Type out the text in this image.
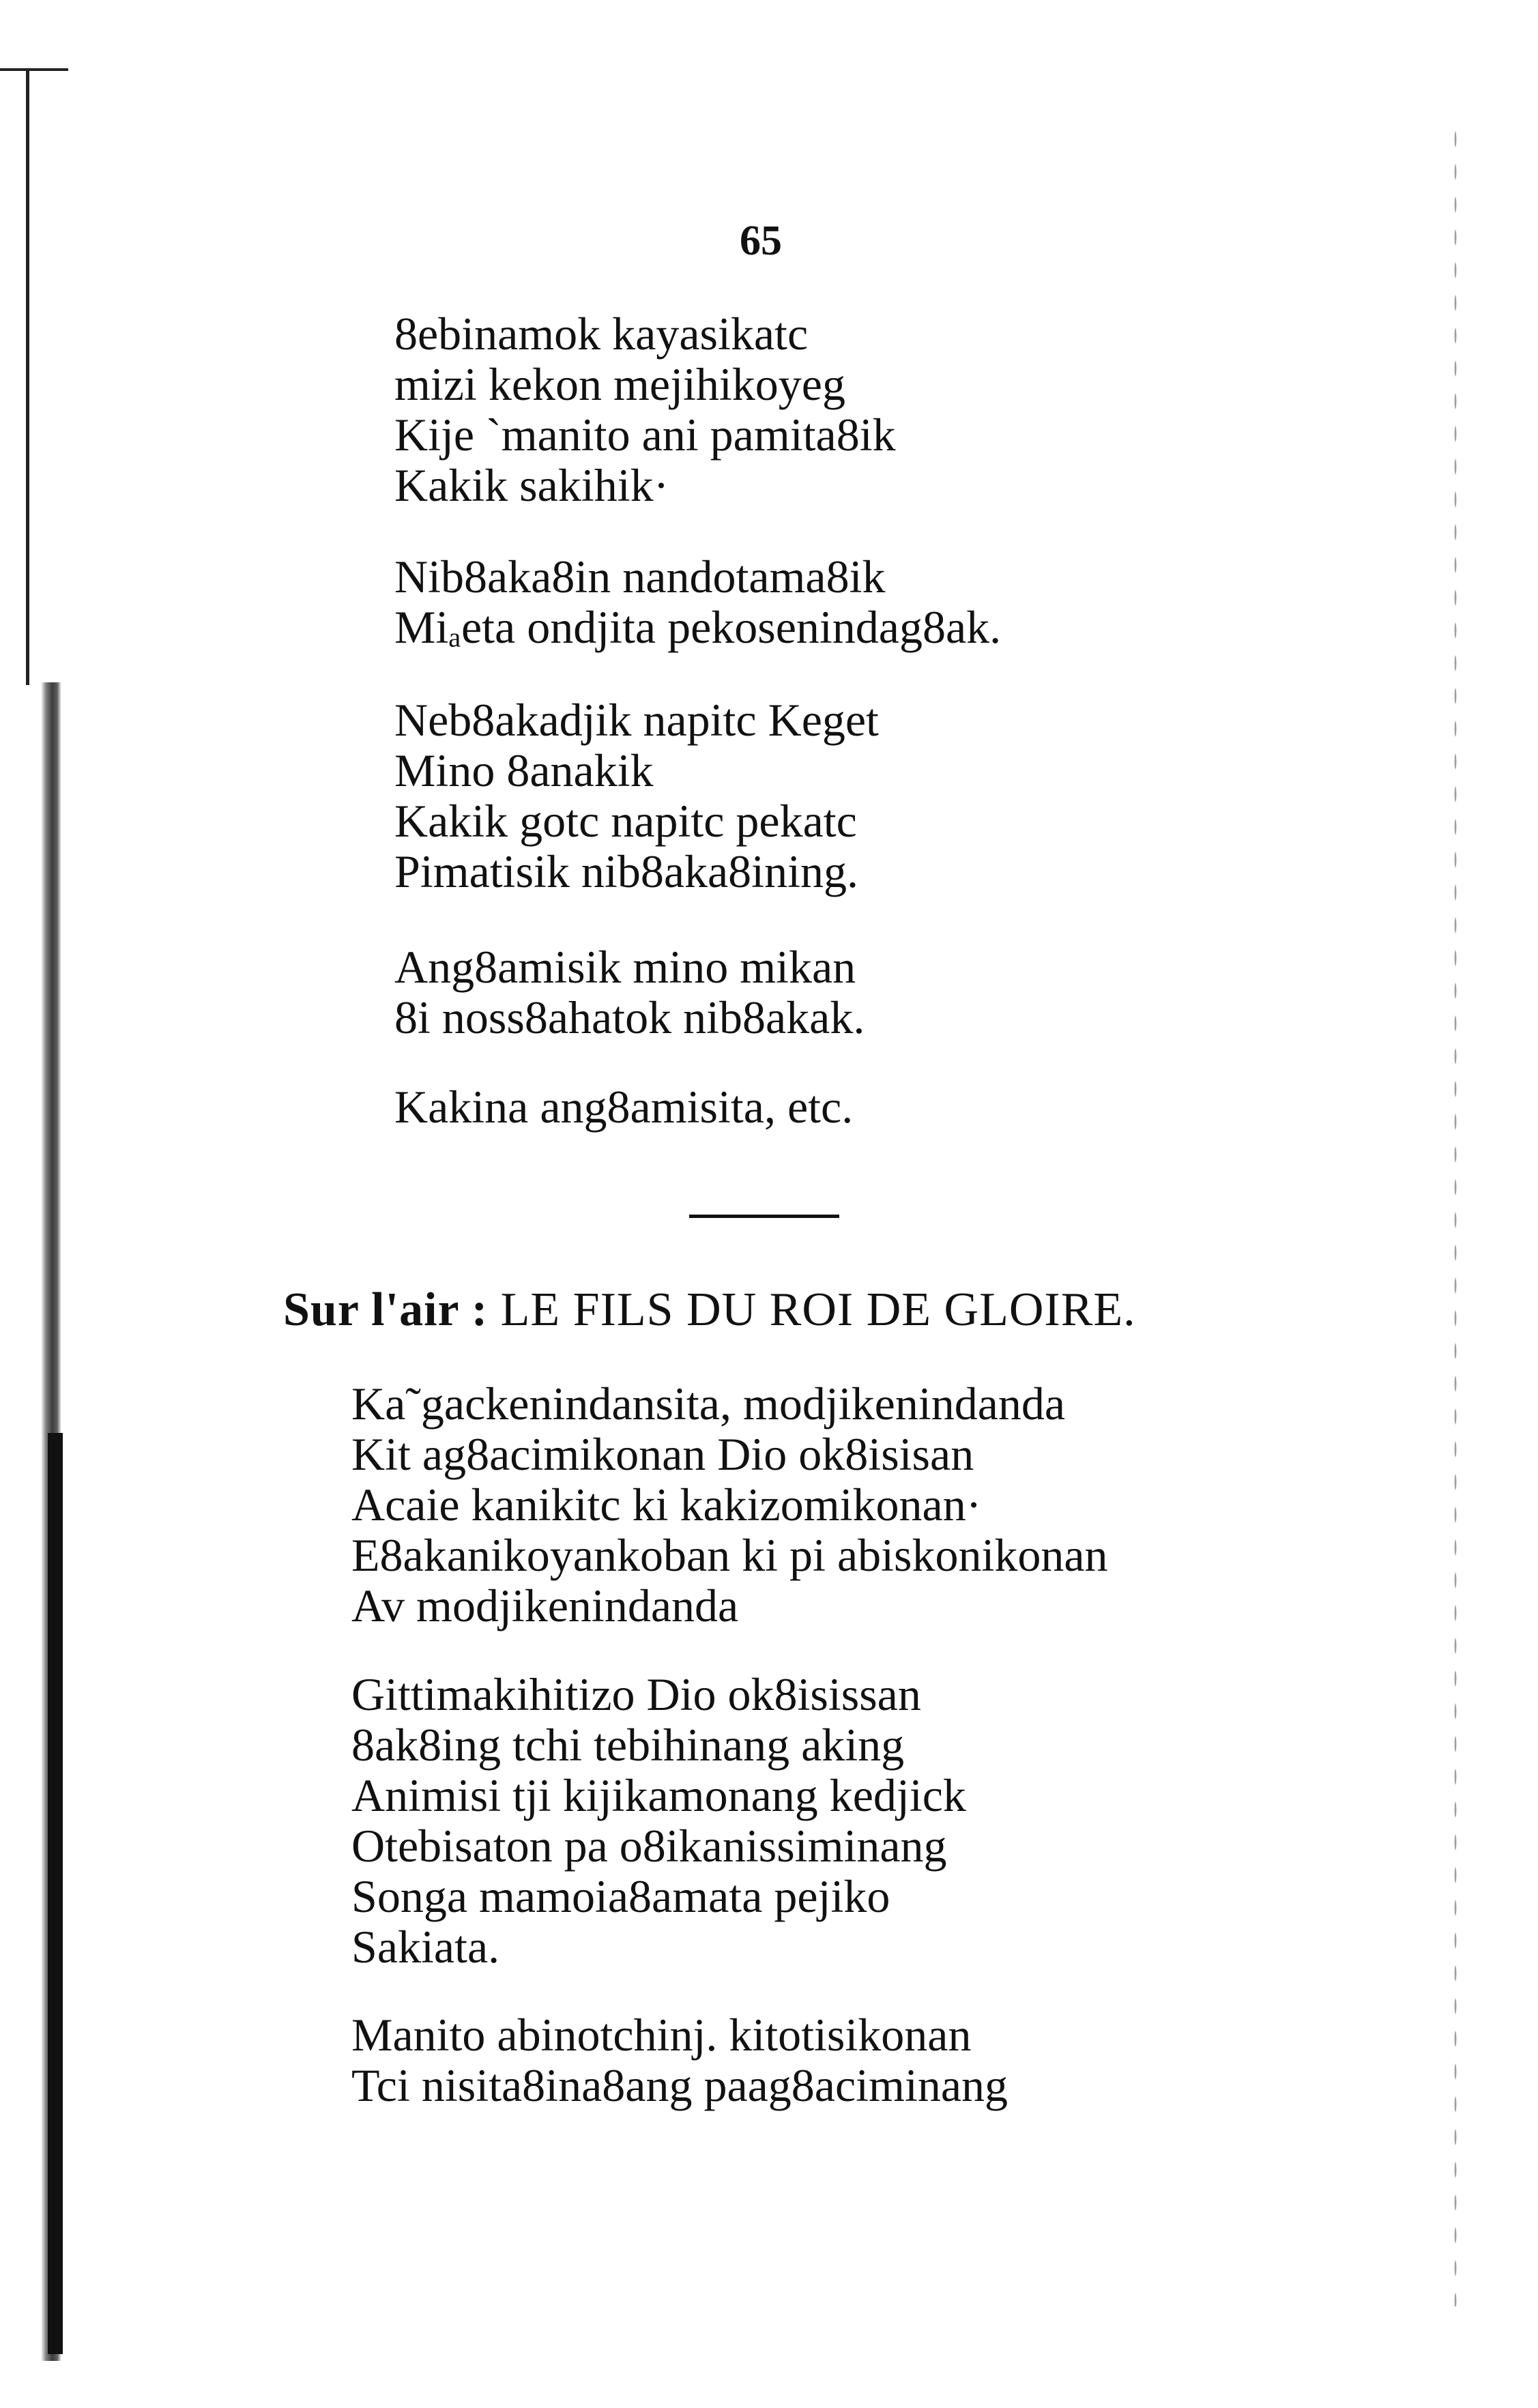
65
8ebinamok kayasikatc
mizi kekon mejihikoyeg
Kije `manito ani pamita8ik
Kakik sakihik·
Nib8aka8in nandotama8ik
Miₐeta ondjita pekosenindag8ak.
Neb8akadjik napitc Keget
Mino 8anakik
Kakik gotc napitc pekatc
Pimatisik nib8aka8ining.
Ang8amisik mino mikan
8i noss8ahatok nib8akak.
Kakina ang8amisita, etc.
Sur l'air : LE FILS DU ROI DE GLOIRE.
Ka˜gackenindansita, modjikenindanda
Kit ag8acimikonan Dio ok8isisan
Acaie kanikitc ki kakizomikonan·
E8akanikoyankoban ki pi abiskonikonan
Av modjikenindanda
Gittimakihitizo Dio ok8isissan
8ak8ing tchi tebihinang aking
Animisi tji kijikamonang kedjick
Otebisaton pa o8ikanissiminang
Songa mamoia8amata pejiko
Sakiata.
Manito abinotchinj. kitotisikonan
Tci nisita8ina8ang paag8aciminang
